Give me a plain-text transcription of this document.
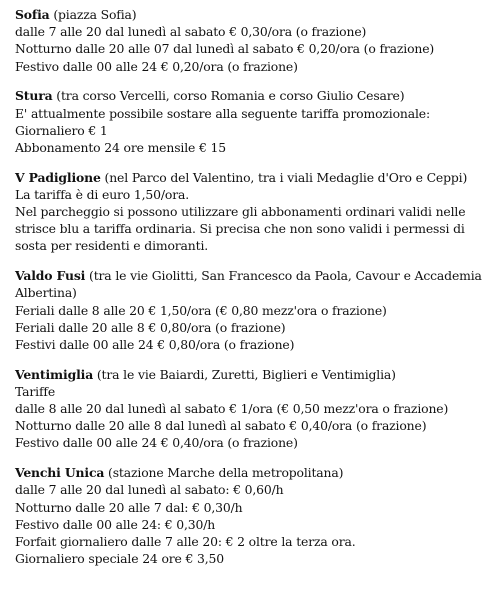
Sofia (piazza Sofia)
dalle 7 alle 20 dal lunedì al sabato € 0,30/ora (o frazione)
Notturno dalle 20 alle 07 dal lunedì al sabato € 0,20/ora (o frazione)
Festivo dalle 00 alle 24 € 0,20/ora (o frazione)
Stura (tra corso Vercelli, corso Romania e corso Giulio Cesare)
E' attualmente possibile sostare alla seguente tariffa promozionale:
Giornaliero € 1
Abbonamento 24 ore mensile € 15
V Padiglione (nel Parco del Valentino, tra i viali Medaglie d'Oro e Ceppi)
La tariffa è di euro 1,50/ora.
Nel parcheggio si possono utilizzare gli abbonamenti ordinari validi nelle
strisce blu a tariffa ordinaria. Si precisa che non sono validi i permessi di
sosta per residenti e dimoranti.
Valdo Fusi (tra le vie Giolitti, San Francesco da Paola, Cavour e Accademia
Albertina)
Feriali dalle 8 alle 20 € 1,50/ora (€ 0,80 mezz'ora o frazione)
Feriali dalle 20 alle 8 € 0,80/ora (o frazione)
Festivi dalle 00 alle 24 € 0,80/ora (o frazione)
Ventimiglia (tra le vie Baiardi, Zuretti, Biglieri e Ventimiglia)
Tariffe
dalle 8 alle 20 dal lunedì al sabato € 1/ora (€ 0,50 mezz'ora o frazione)
Notturno dalle 20 alle 8 dal lunedì al sabato € 0,40/ora (o frazione)
Festivo dalle 00 alle 24 € 0,40/ora (o frazione)
Venchi Unica (stazione Marche della metropolitana)
dalle 7 alle 20 dal lunedì al sabato: € 0,60/h
Notturno dalle 20 alle 7 dal: € 0,30/h
Festivo dalle 00 alle 24: € 0,30/h
Forfait giornaliero dalle 7 alle 20: € 2 oltre la terza ora.
Giornaliero speciale 24 ore € 3,50
